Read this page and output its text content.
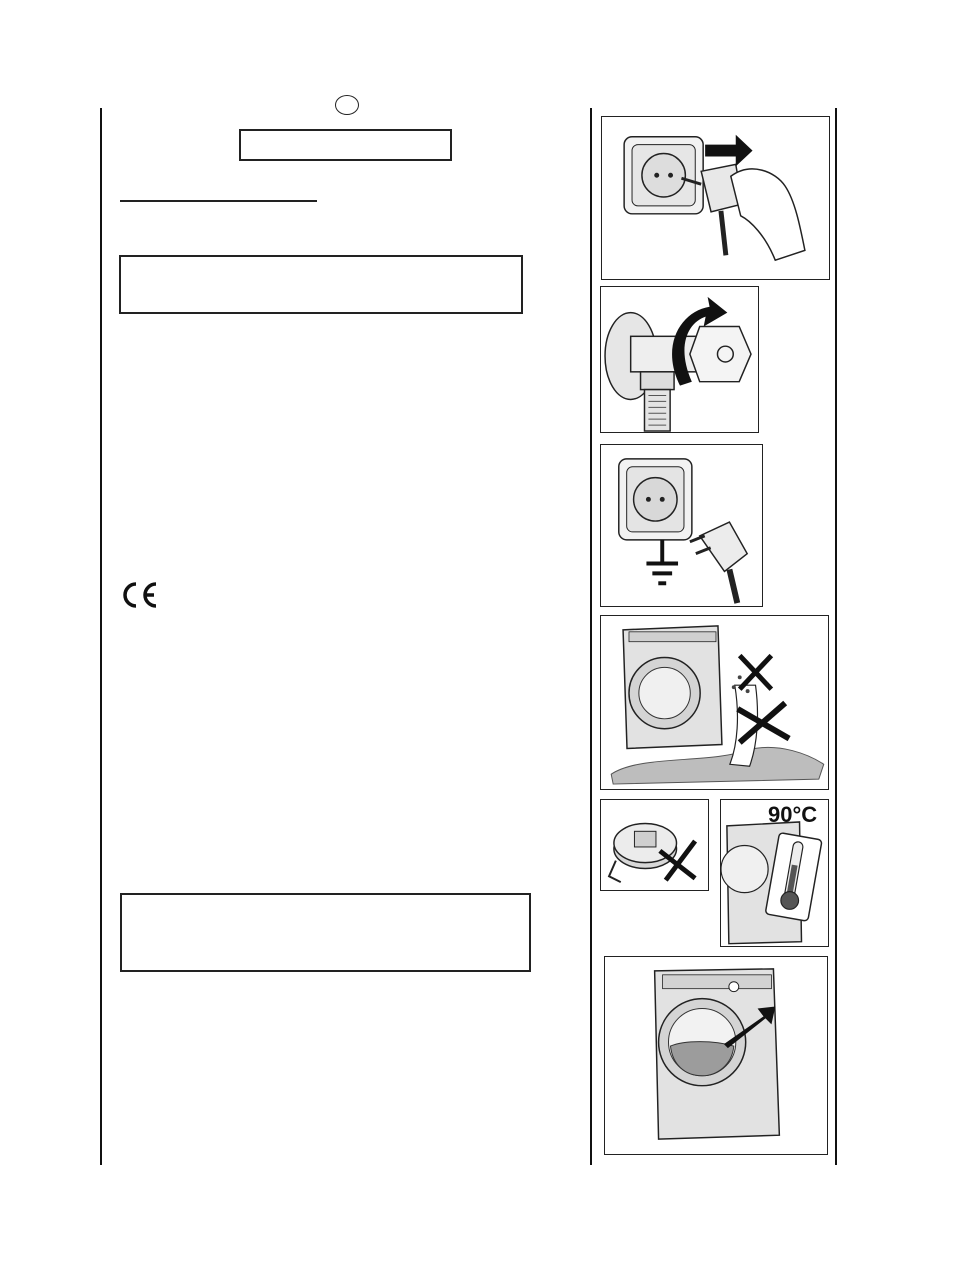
90°C
